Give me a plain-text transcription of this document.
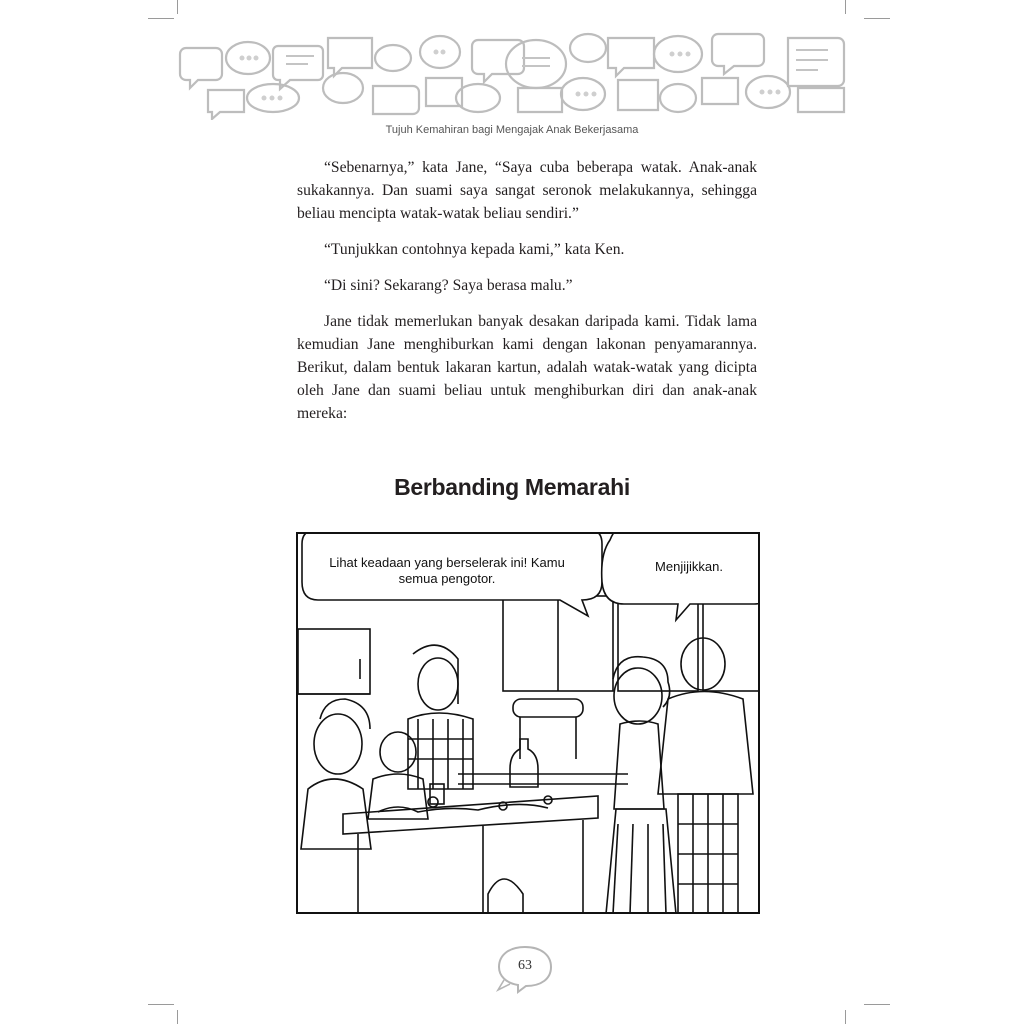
Tujuh Kemahiran bagi Mengajak Anak Bekerjasama

“Sebenarnya,” kata Jane, “Saya cuba beberapa watak. Anak-anak sukakannya. Dan suami saya sangat seronok melakukannya, sehingga beliau mencipta watak-watak beliau sendiri.”

“Tunjukkan contohnya kepada kami,” kata Ken.

“Di sini? Sekarang? Saya berasa malu.”

Jane tidak memerlukan banyak desakan daripada kami. Tidak lama kemudian Jane menghiburkan kami dengan lakonan penyamarannya. Berikut, dalam bentuk lakaran kartun, adalah watak-watak yang dicipta oleh Jane dan suami beliau untuk menghiburkan diri dan anak-anak mereka:

Berbanding Memarahi
Lihat keadaan yang berselerak ini! Kamu semua pengotor.
Menjijikkan.
63
